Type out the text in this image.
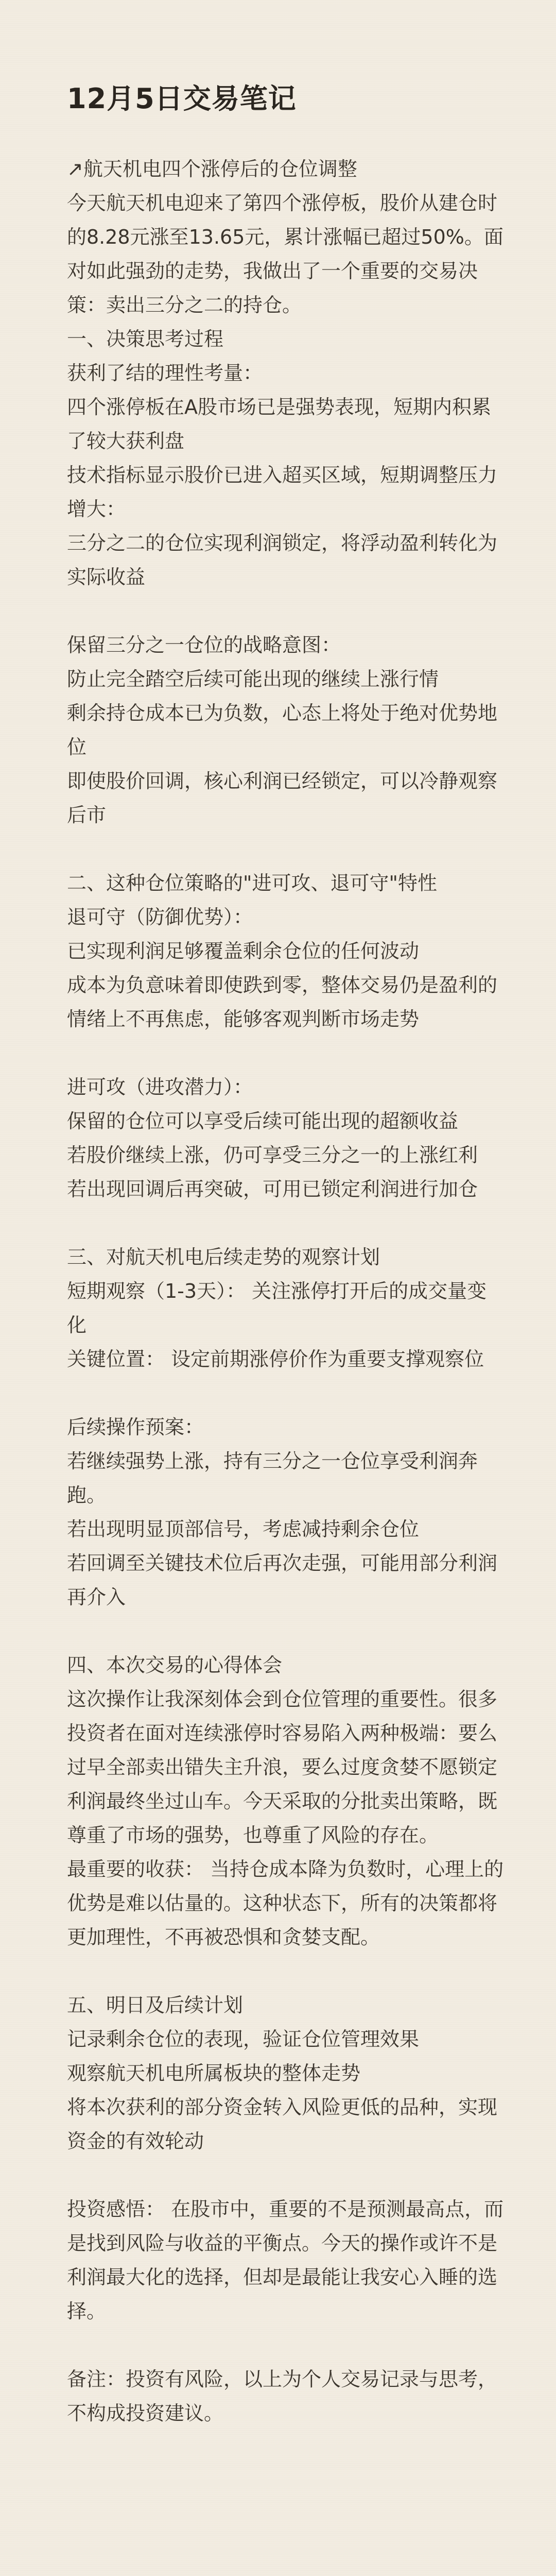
12月5日交易笔记
↗航天机电四个涨停后的仓位调整
今天航天机电迎来了第四个涨停板，股价从建仓时的8.28元涨至13.65元，累计涨幅已超过50%。面对如此强劲的走势，我做出了一个重要的交易决策：卖出三分之二的持仓。
一、决策思考过程
获利了结的理性考量：
四个涨停板在A股市场已是强势表现，短期内积累了较大获利盘
技术指标显示股价已进入超买区域，短期调整压力增大：
三分之二的仓位实现利润锁定，将浮动盈利转化为实际收益
保留三分之一仓位的战略意图：
防止完全踏空后续可能出现的继续上涨行情
剩余持仓成本已为负数，心态上将处于绝对优势地位
即使股价回调，核心利润已经锁定，可以冷静观察后市
二、这种仓位策略的"进可攻、退可守"特性
退可守（防御优势）：
已实现利润足够覆盖剩余仓位的任何波动
成本为负意味着即使跌到零，整体交易仍是盈利的
情绪上不再焦虑，能够客观判断市场走势
进可攻（进攻潜力）：
保留的仓位可以享受后续可能出现的超额收益
若股价继续上涨，仍可享受三分之一的上涨红利
若出现回调后再突破，可用已锁定利润进行加仓
三、对航天机电后续走势的观察计划
短期观察（1-3天）： 关注涨停打开后的成交量变化
关键位置： 设定前期涨停价作为重要支撑观察位
后续操作预案：
若继续强势上涨，持有三分之一仓位享受利润奔跑。
若出现明显顶部信号，考虑减持剩余仓位
若回调至关键技术位后再次走强，可能用部分利润再介入
四、本次交易的心得体会
这次操作让我深刻体会到仓位管理的重要性。很多投资者在面对连续涨停时容易陷入两种极端：要么过早全部卖出错失主升浪，要么过度贪婪不愿锁定利润最终坐过山车。今天采取的分批卖出策略，既尊重了市场的强势，也尊重了风险的存在。
最重要的收获： 当持仓成本降为负数时，心理上的优势是难以估量的。这种状态下，所有的决策都将更加理性，不再被恐惧和贪婪支配。
五、明日及后续计划
记录剩余仓位的表现，验证仓位管理效果
观察航天机电所属板块的整体走势
将本次获利的部分资金转入风险更低的品种，实现资金的有效轮动
投资感悟： 在股市中，重要的不是预测最高点，而是找到风险与收益的平衡点。今天的操作或许不是利润最大化的选择，但却是最能让我安心入睡的选择。
备注：投资有风险，以上为个人交易记录与思考，不构成投资建议。
